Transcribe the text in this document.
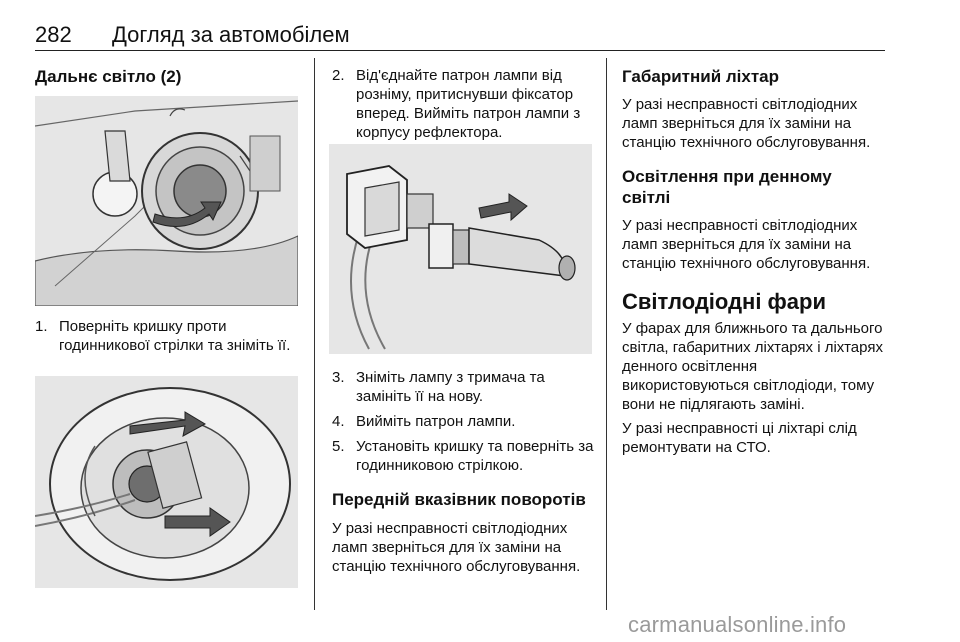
282 Догляд за автомобілем

Дальнє світло (2)

1. Поверніть кришку проти годинникової стрілки та зніміть її.
2. Від'єднайте патрон лампи від розніму, притиснувши фіксатор вперед. Вийміть патрон лампи з корпусу рефлектора.
3. Зніміть лампу з тримача та замініть її на нову.
4. Вийміть патрон лампи.
5. Установіть кришку та поверніть за годинниковою стрілкою.

Передній вказівник поворотів

У разі несправності світлодіодних ламп зверніться для їх заміни на станцію технічного обслуговування.

Габаритний ліхтар

У разі несправності світлодіодних ламп зверніться для їх заміни на станцію технічного обслуговування.

Освітлення при денному світлі

У разі несправності світлодіодних ламп зверніться для їх заміни на станцію технічного обслуговування.

Світлодіодні фари

У фарах для ближнього та дальнього світла, габаритних ліхтарях і ліхтарях денного освітлення використовуються світлодіоди, тому вони не підлягають заміні.

У разі несправності ці ліхтарі слід ремонтувати на СТО.

carmanualsonline.info
